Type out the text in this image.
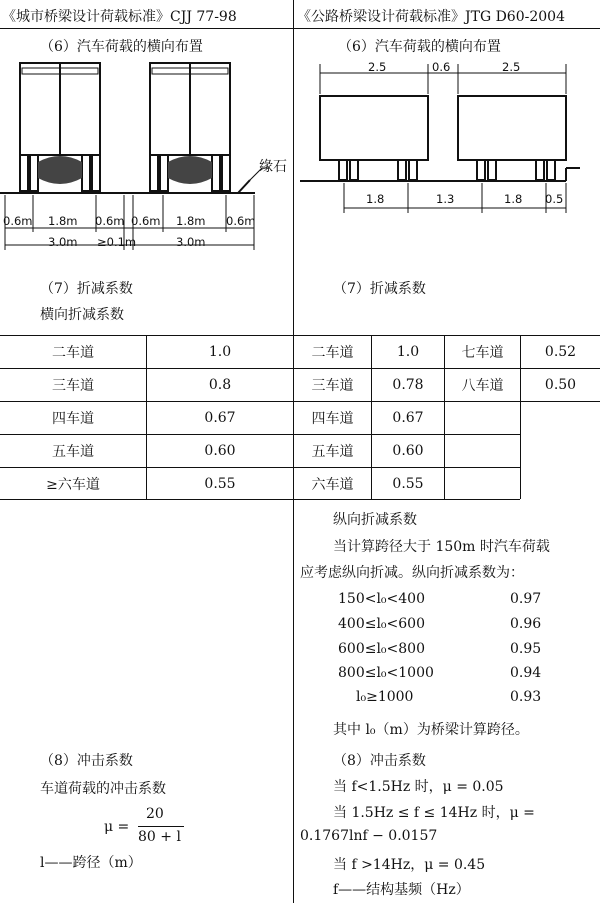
《城市桥梁设计荷载标准》CJJ 77-98	《公路桥梁设计荷载标准》JTG D60-2004
（6）汽车荷载的横向布置
0.6m 1.8m 0.6m 0.6m 1.8m 0.6m
3.0m ≥0.1m	3.0m
缘石
（6）汽车荷载的横向布置
2.5	0.6	2.5
1.8	1.3	1.8 0.5
（7）折减系数
横向折减系数
（7）折减系数
二车道	1.0
三车道	0.8
四车道	0.67
五车道	0.60
≥六车道	0.55
二车道	1.0	七车道	0.52
三车道	0.78	八车道	0.50
四车道	0.67
五车道	0.60
六车道	0.55
纵向折减系数
当计算跨径大于 150m 时汽车荷载
应考虑纵向折减。纵向折减系数为：
150<l₀<400	0.97
400≤l₀<600	0.96
600≤l₀<800	0.95
800≤l₀<1000	0.94
l₀≥1000	0.93
其中 l₀（m）为桥梁计算跨径。
（8）冲击系数
车道荷载的冲击系数
μ =
20
80 + l
l——跨径（m）
（8）冲击系数
当 f<1.5Hz 时，μ = 0.05
当 1.5Hz ≤ f ≤ 14Hz 时，μ =
0.1767lnf − 0.0157
当 f >14Hz，μ = 0.45
f——结构基频（Hz）
